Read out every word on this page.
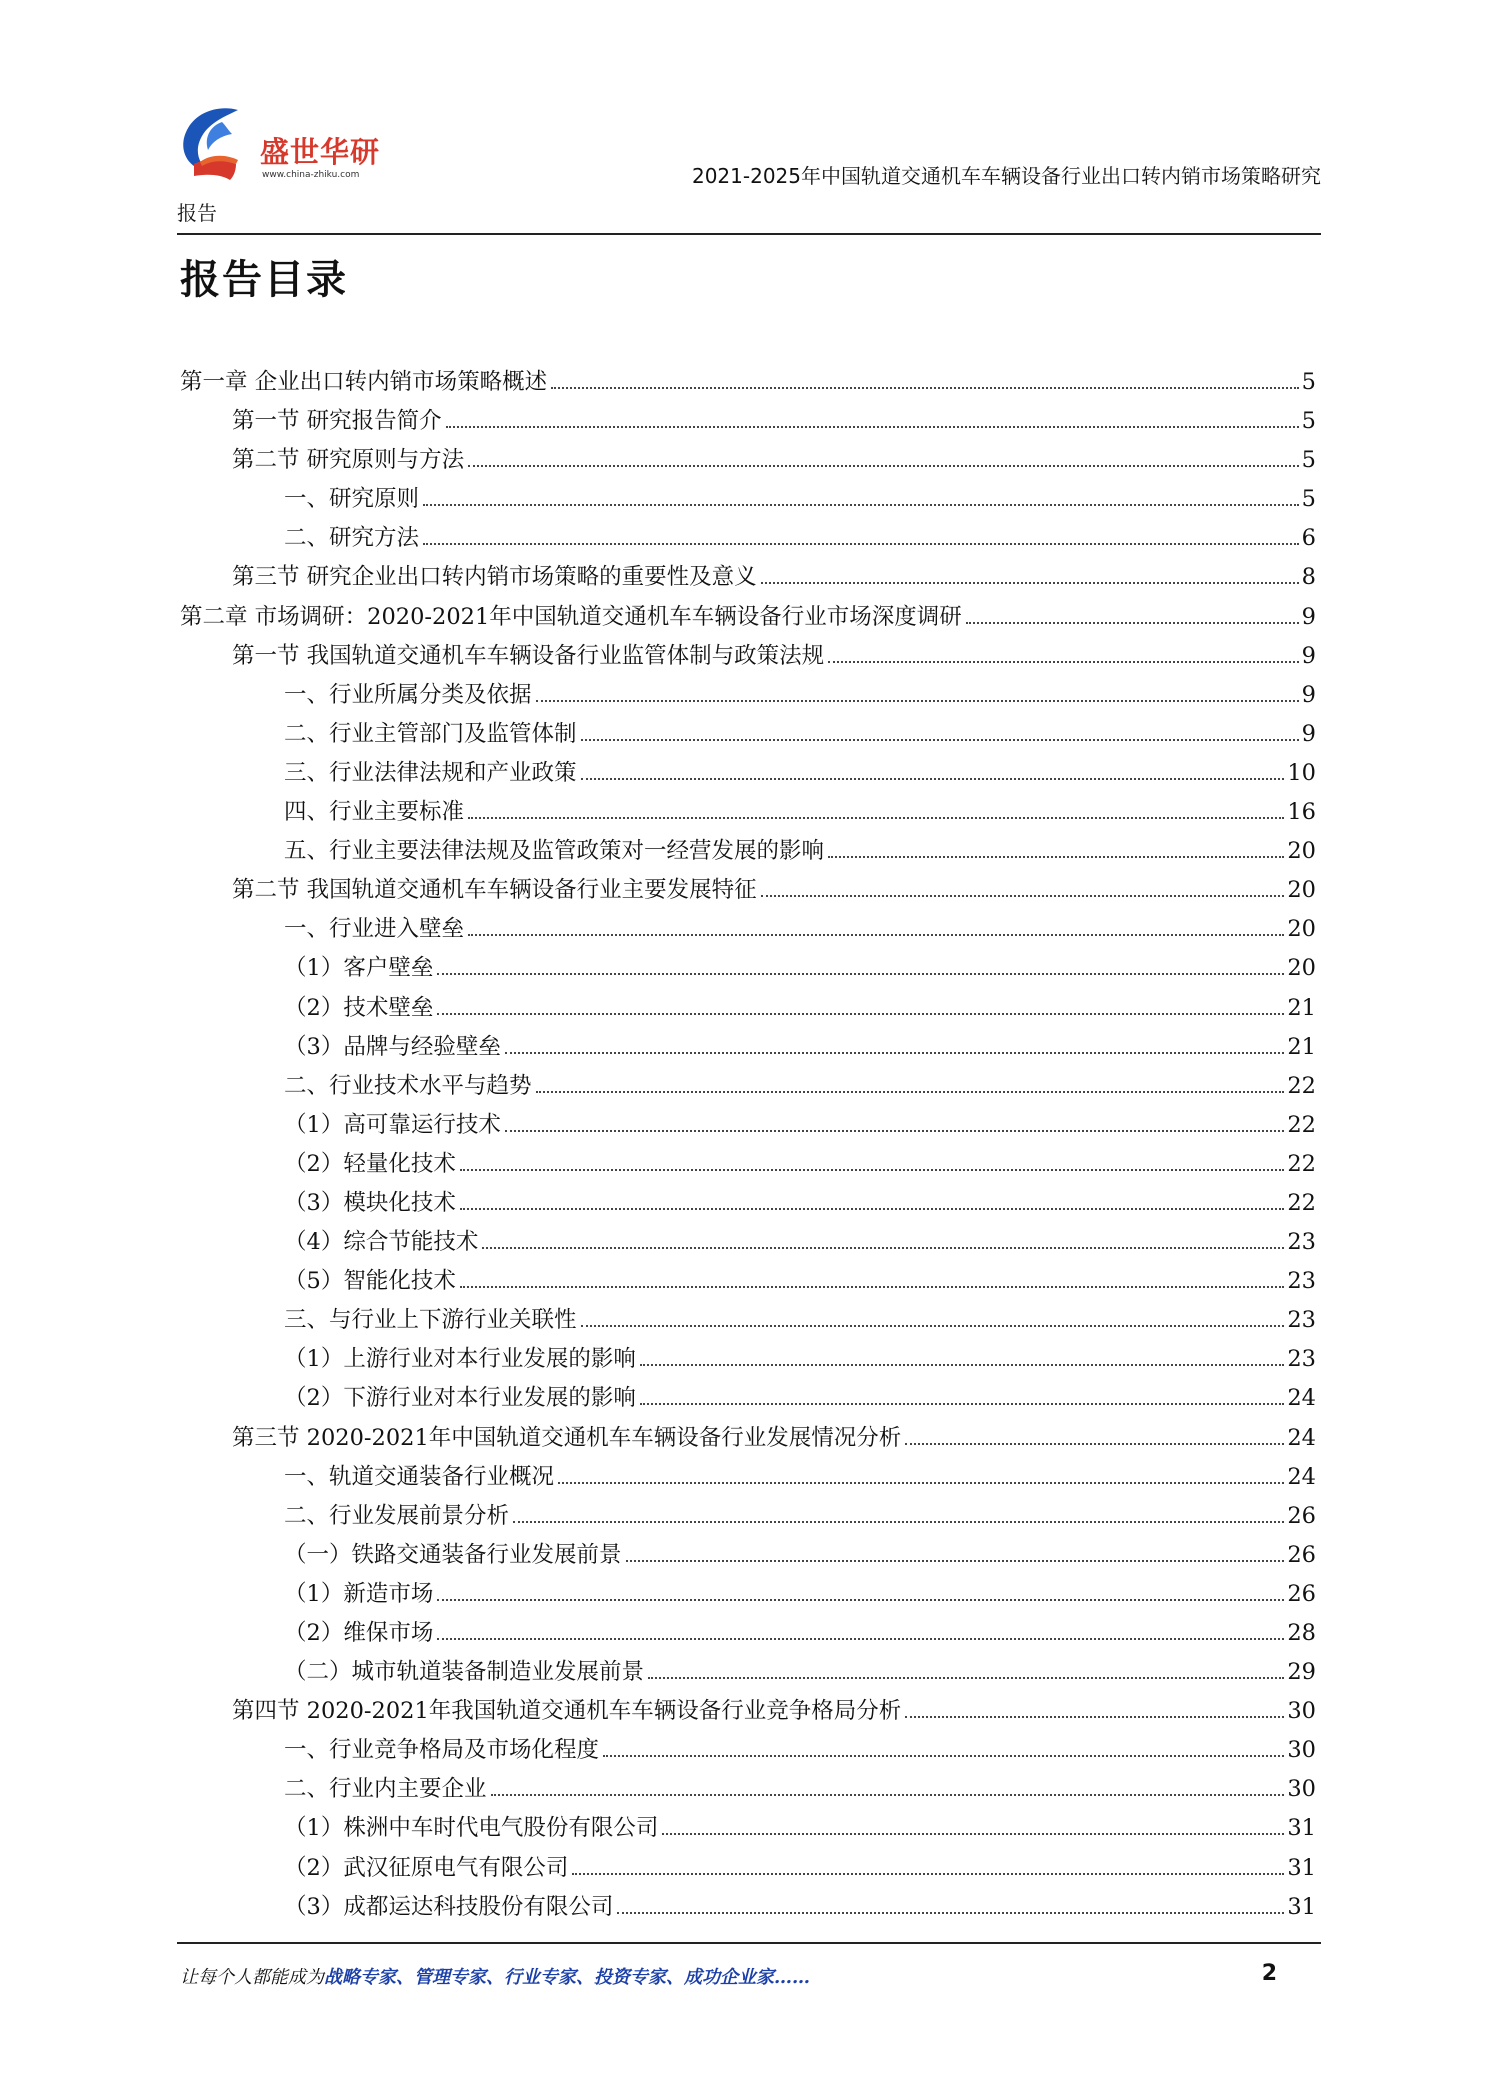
盛世华研
www.china-zhiku.com	2021-2025年中国轨道交通机车车辆设备行业出口转内销市场策略研究
报告
报告目录
第一章 企业出口转内销市场策略概述	5
第一节 研究报告简介	5
第二节 研究原则与方法	5
一、研究原则	5
二、研究方法	6
第三节 研究企业出口转内销市场策略的重要性及意义	8
第二章 市场调研：2020-2021年中国轨道交通机车车辆设备行业市场深度调研	9
第一节 我国轨道交通机车车辆设备行业监管体制与政策法规	9
一、行业所属分类及依据	9
二、行业主管部门及监管体制	9
三、行业法律法规和产业政策	10
四、行业主要标准	16
五、行业主要法律法规及监管政策对一经营发展的影响	20
第二节 我国轨道交通机车车辆设备行业主要发展特征	20
一、行业进入壁垒	20
（1）客户壁垒	20
（2）技术壁垒	21
（3）品牌与经验壁垒	21
二、行业技术水平与趋势	22
（1）高可靠运行技术	22
（2）轻量化技术	22
（3）模块化技术	22
（4）综合节能技术	23
（5）智能化技术	23
三、与行业上下游行业关联性	23
（1）上游行业对本行业发展的影响	23
（2）下游行业对本行业发展的影响	24
第三节 2020-2021年中国轨道交通机车车辆设备行业发展情况分析	24
一、轨道交通装备行业概况	24
二、行业发展前景分析	26
（一）铁路交通装备行业发展前景	26
（1）新造市场	26
（2）维保市场	28
（二）城市轨道装备制造业发展前景	29
第四节 2020-2021年我国轨道交通机车车辆设备行业竞争格局分析	30
一、行业竞争格局及市场化程度	30
二、行业内主要企业	30
（1）株洲中车时代电气股份有限公司	31
（2）武汉征原电气有限公司	31
（3）成都运达科技股份有限公司	31
让每个人都能成为战略专家、管理专家、行业专家、投资专家、成功企业家……	2
